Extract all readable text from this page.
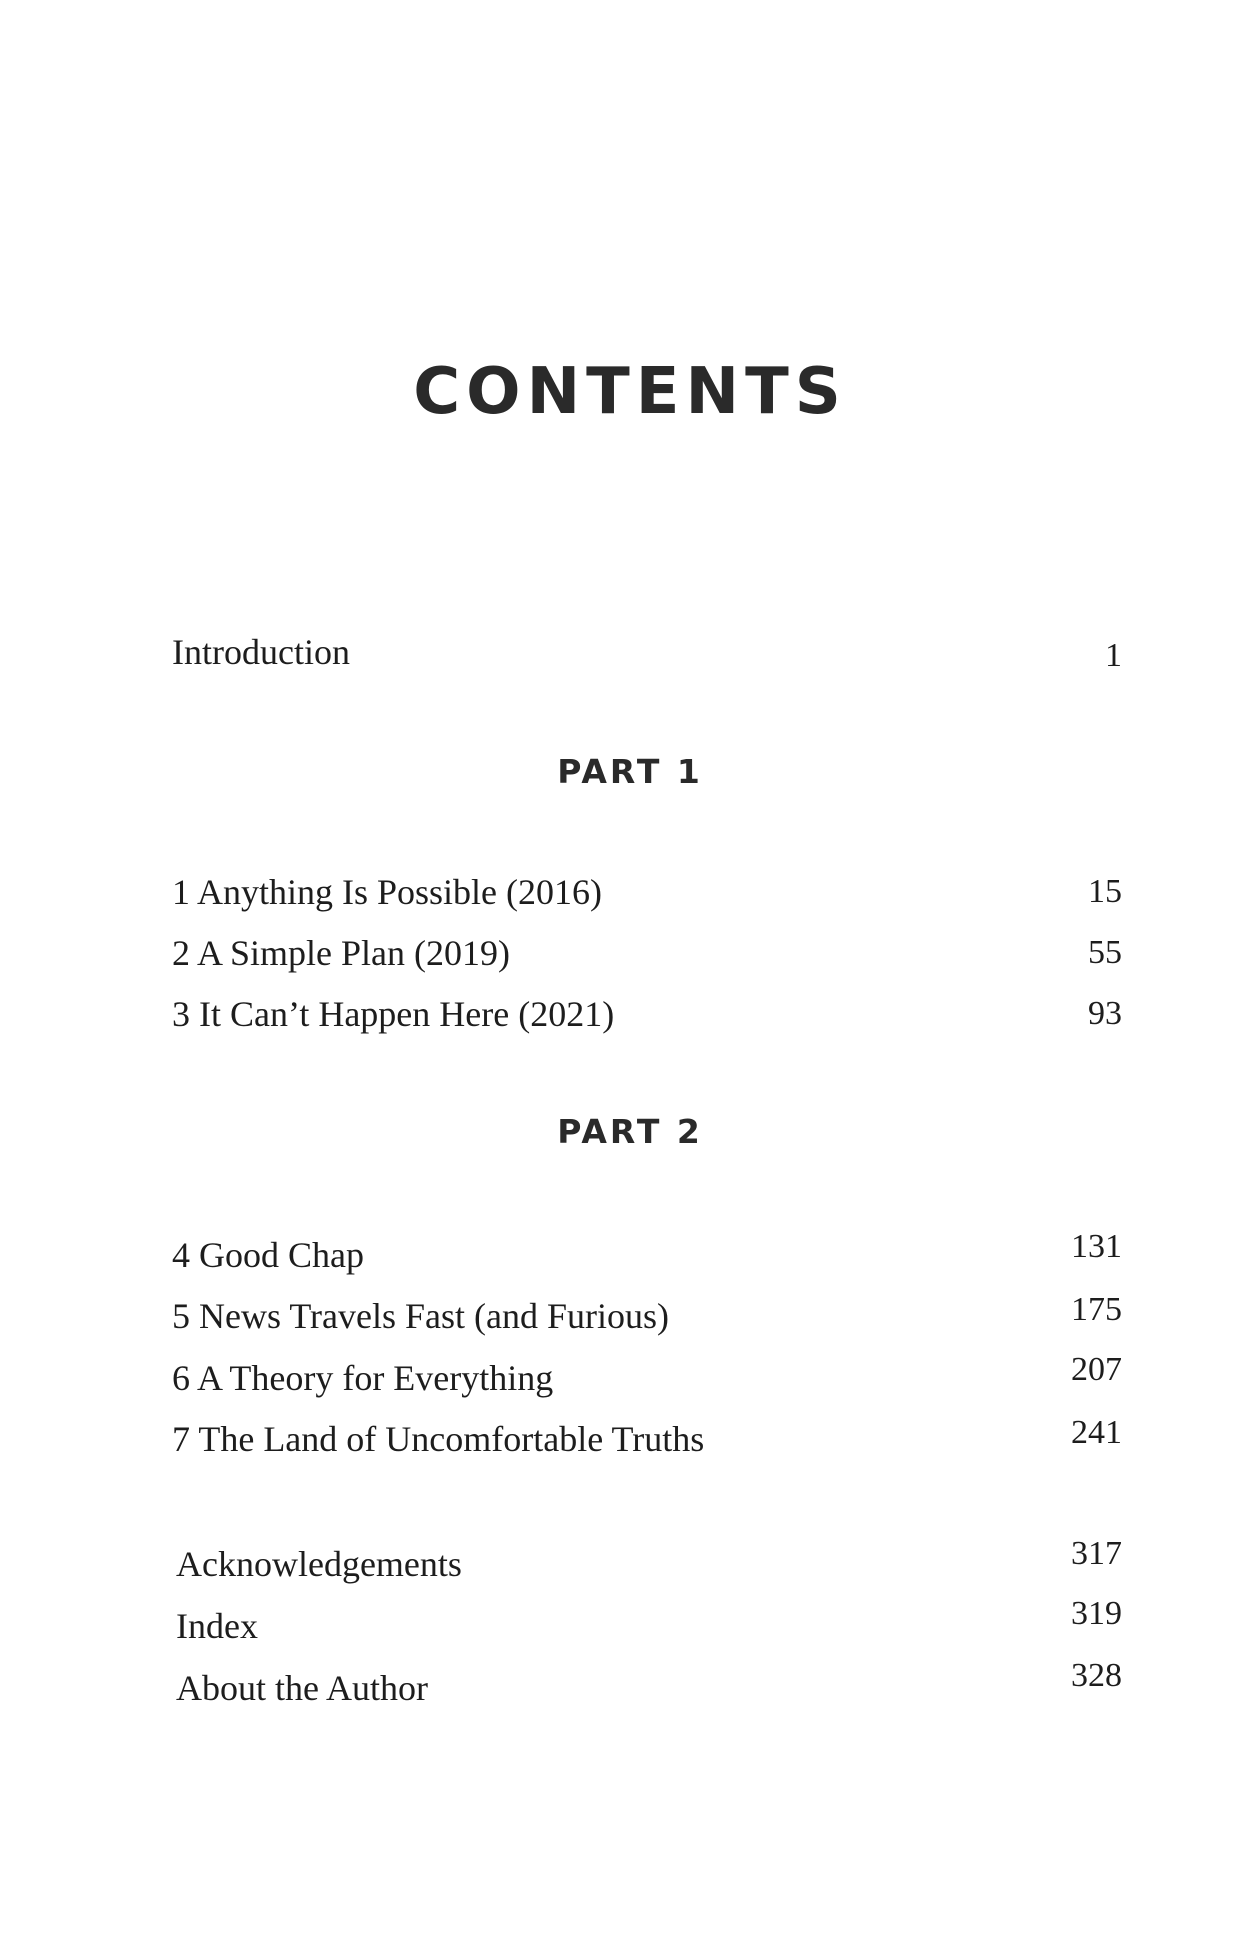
CONTENTS
Introduction	1
PART 1
1 Anything Is Possible (2016)	15
2 A Simple Plan (2019)	55
3 It Can’t Happen Here (2021)	93
PART 2
4 Good Chap	131
5 News Travels Fast (and Furious)	175
6 A Theory for Everything	207
7 The Land of Uncomfortable Truths	241
Acknowledgements	317
Index	319
About the Author	328
